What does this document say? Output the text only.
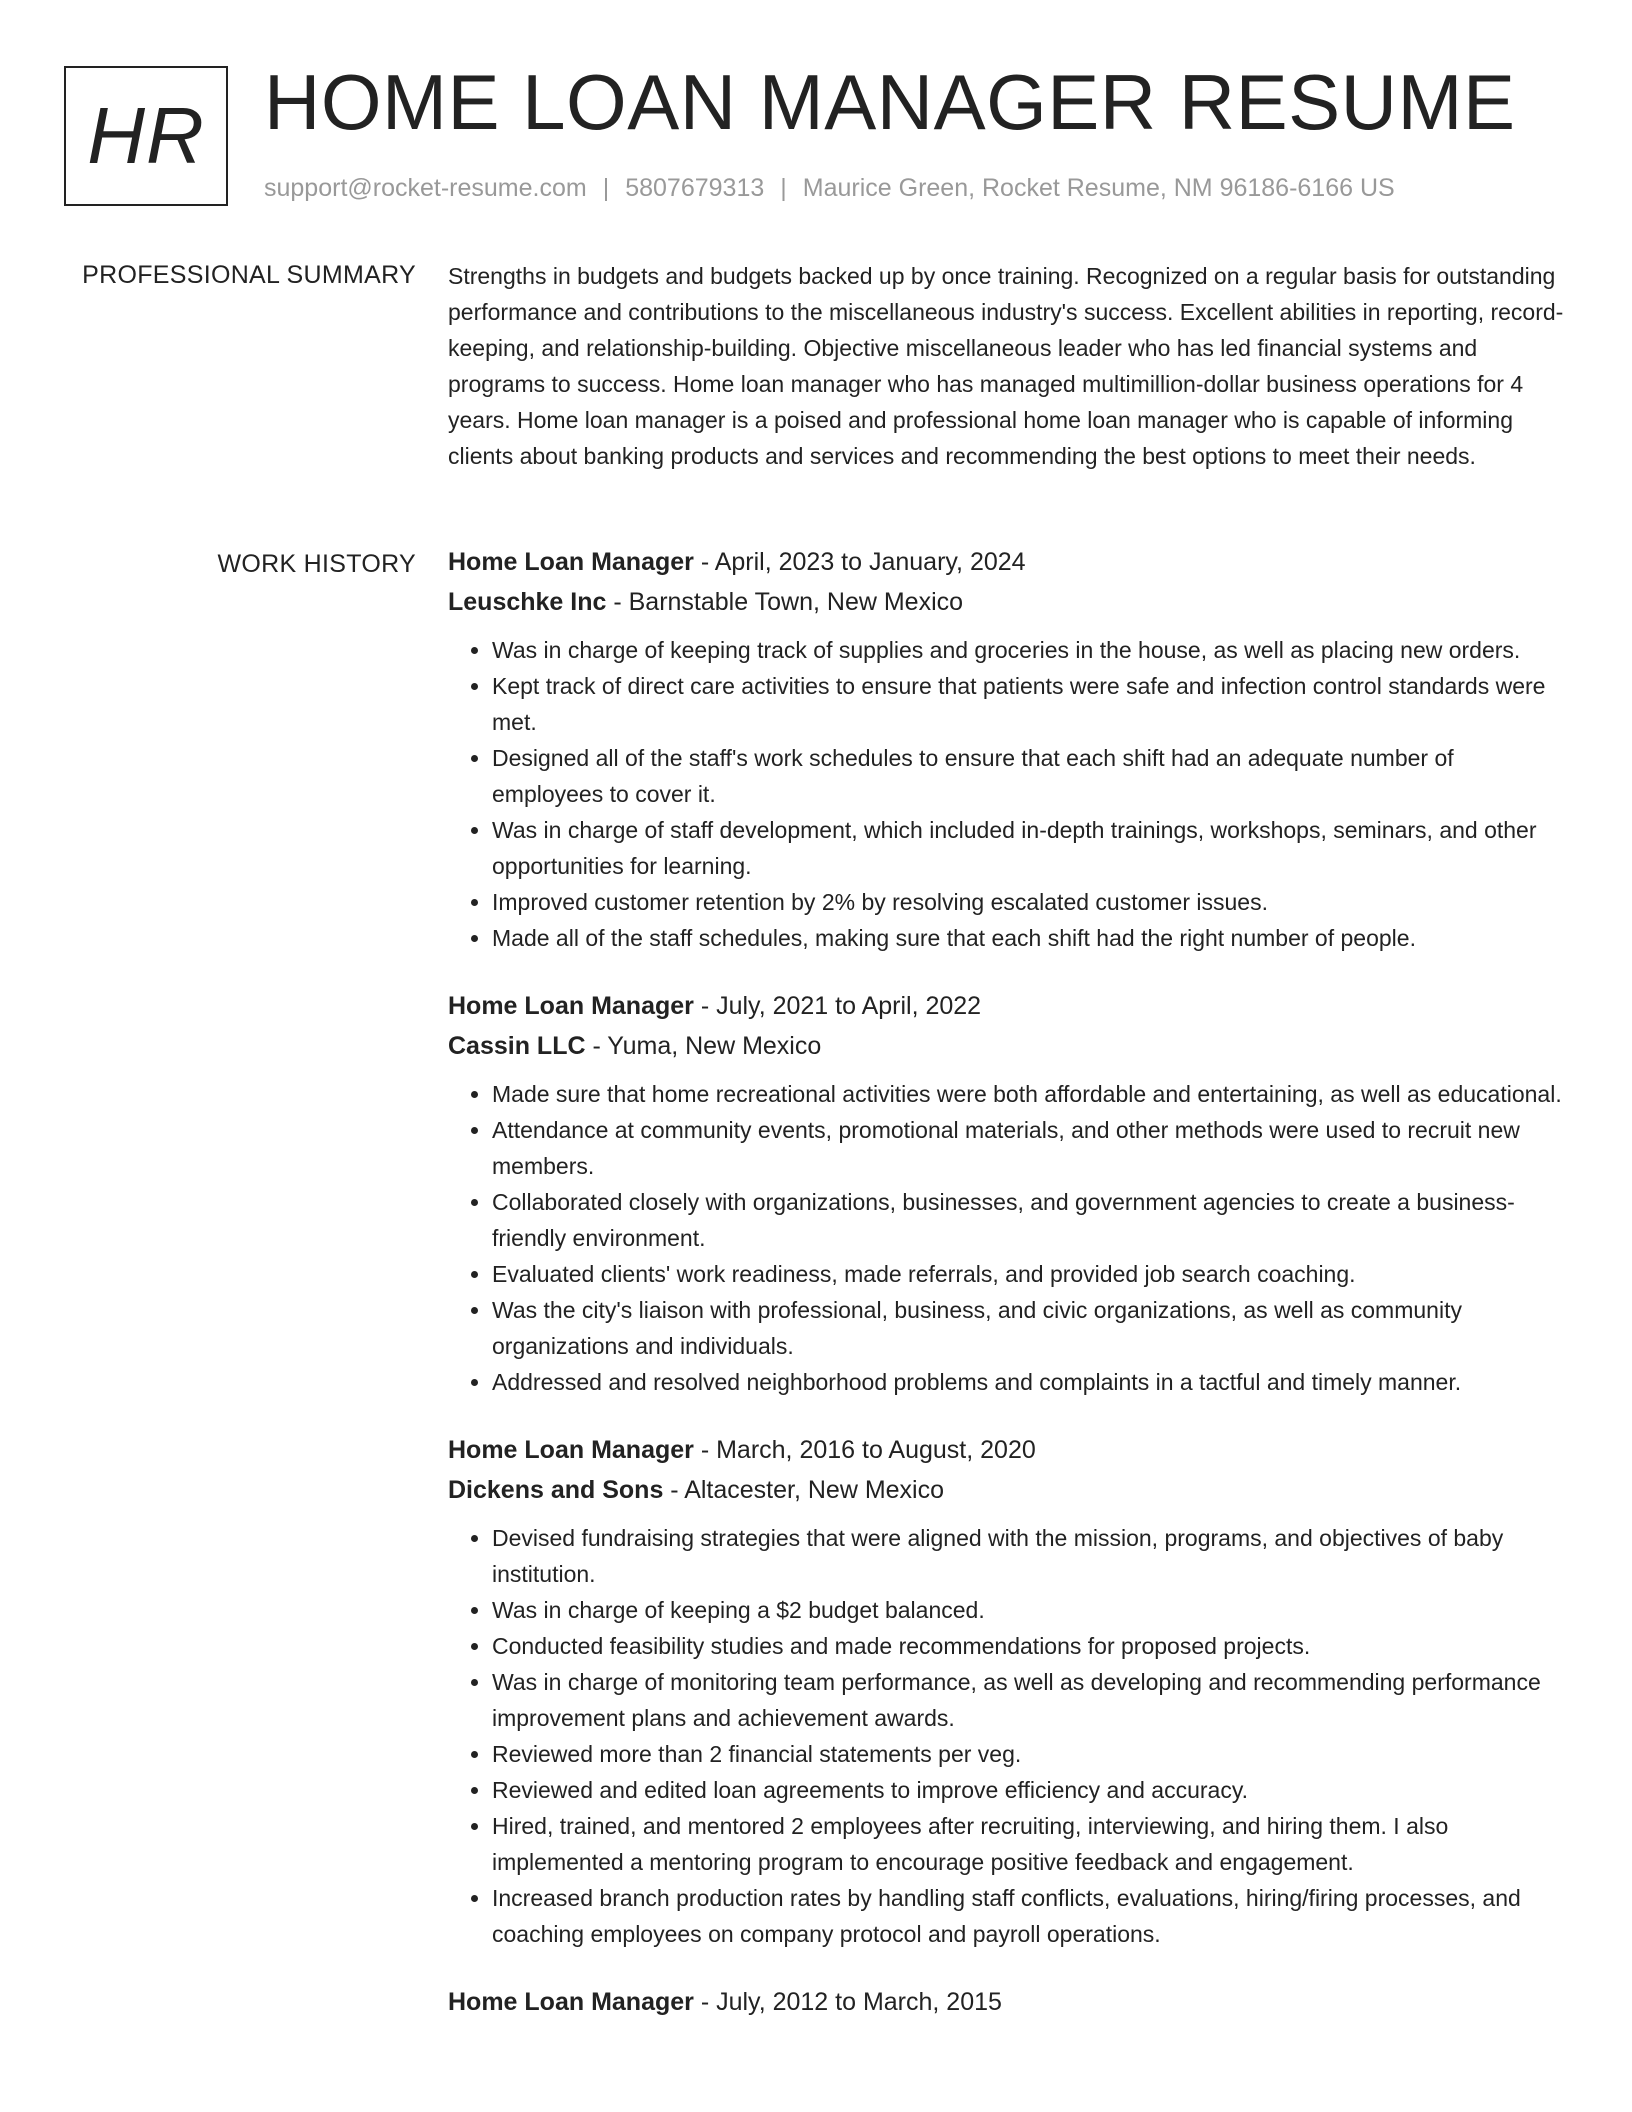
HR HOME LOAN MANAGER RESUME
support@rocket-resume.com | 5807679313 | Maurice Green, Rocket Resume, NM 96186-6166 US
PROFESSIONAL SUMMARY Strengths in budgets and budgets backed up by once training. Recognized on a regular basis for outstanding performance and contributions to the miscellaneous industry's success. Excellent abilities in reporting, record-keeping, and relationship-building. Objective miscellaneous leader who has led financial systems and programs to success. Home loan manager who has managed multimillion-dollar business operations for 4 years. Home loan manager is a poised and professional home loan manager who is capable of informing clients about banking products and services and recommending the best options to meet their needs.

WORK HISTORY Home Loan Manager - April, 2023 to January, 2024
Leuschke Inc - Barnstable Town, New Mexico
• Was in charge of keeping track of supplies and groceries in the house, as well as placing new orders.
• Kept track of direct care activities to ensure that patients were safe and infection control standards were met.
• Designed all of the staff's work schedules to ensure that each shift had an adequate number of employees to cover it.
• Was in charge of staff development, which included in-depth trainings, workshops, seminars, and other opportunities for learning.
• Improved customer retention by 2% by resolving escalated customer issues.
• Made all of the staff schedules, making sure that each shift had the right number of people.
Home Loan Manager - July, 2021 to April, 2022
Cassin LLC - Yuma, New Mexico
• Made sure that home recreational activities were both affordable and entertaining, as well as educational.
• Attendance at community events, promotional materials, and other methods were used to recruit new members.
• Collaborated closely with organizations, businesses, and government agencies to create a business-friendly environment.
• Evaluated clients' work readiness, made referrals, and provided job search coaching.
• Was the city's liaison with professional, business, and civic organizations, as well as community organizations and individuals.
• Addressed and resolved neighborhood problems and complaints in a tactful and timely manner.
Home Loan Manager - March, 2016 to August, 2020
Dickens and Sons - Altacester, New Mexico
• Devised fundraising strategies that were aligned with the mission, programs, and objectives of baby institution.
• Was in charge of keeping a $2 budget balanced.
• Conducted feasibility studies and made recommendations for proposed projects.
• Was in charge of monitoring team performance, as well as developing and recommending performance improvement plans and achievement awards.
• Reviewed more than 2 financial statements per veg.
• Reviewed and edited loan agreements to improve efficiency and accuracy.
• Hired, trained, and mentored 2 employees after recruiting, interviewing, and hiring them. I also implemented a mentoring program to encourage positive feedback and engagement.
• Increased branch production rates by handling staff conflicts, evaluations, hiring/firing processes, and coaching employees on company protocol and payroll operations.
Home Loan Manager - July, 2012 to March, 2015
